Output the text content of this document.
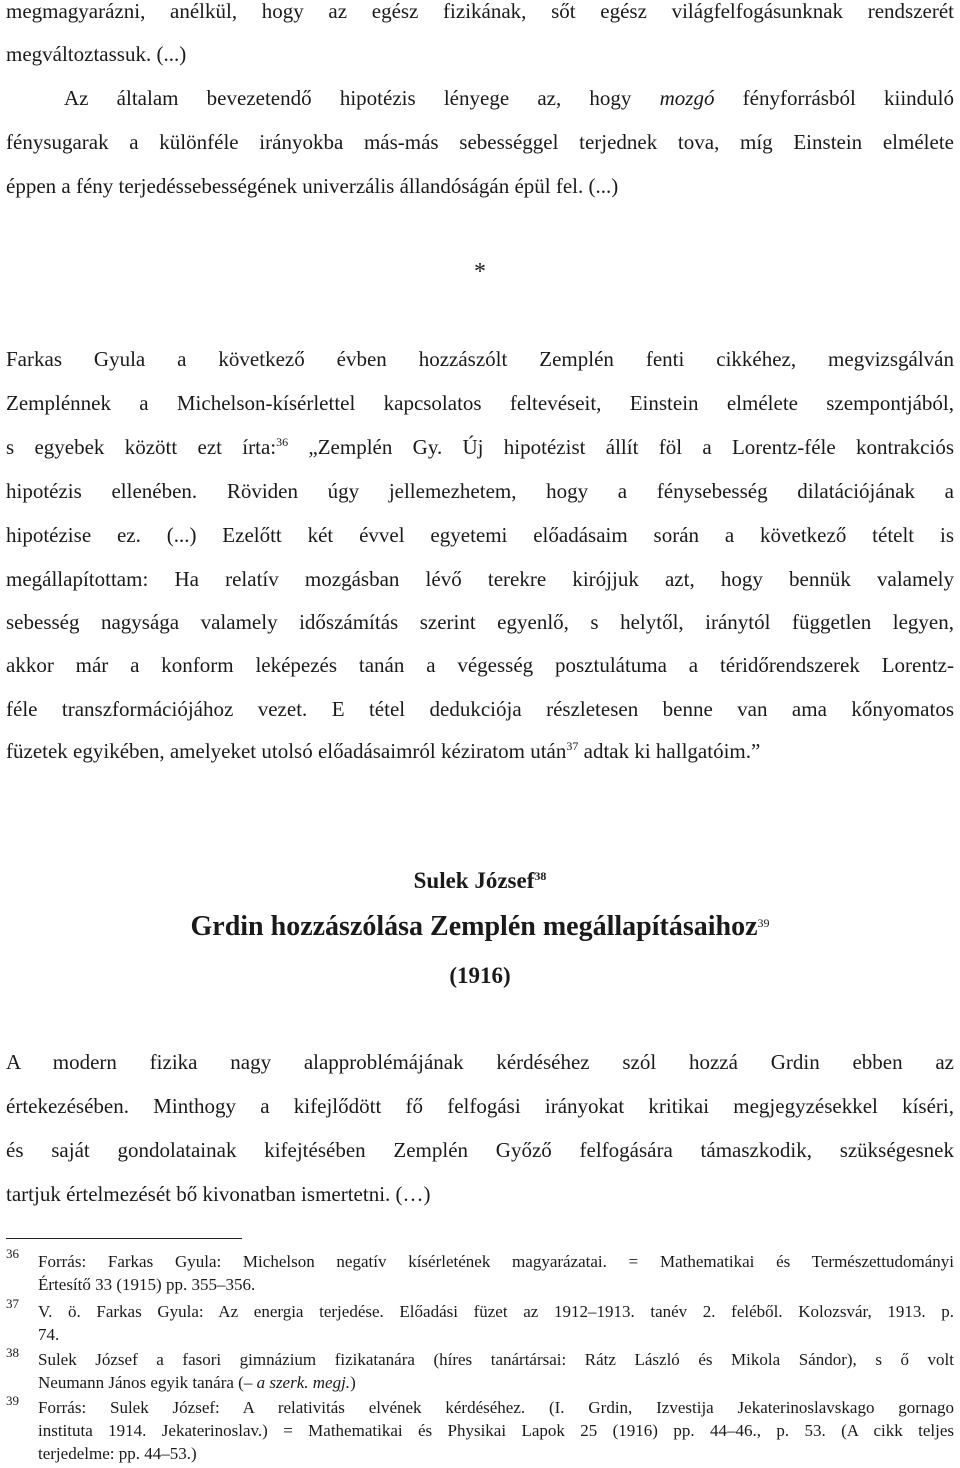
megmagyarázni, anélkül, hogy az egész fizikának, sőt egész világfelfogásunknak rendszerét
megváltoztassuk. (...)
Az általam bevezetendő hipotézis lényege az, hogy mozgó fényforrásból kiinduló
fénysugarak a különféle irányokba más-más sebességgel terjednek tova, míg Einstein elmélete
éppen a fény terjedéssebességének univerzális állandóságán épül fel. (...)
*
Farkas Gyula a következő évben hozzászólt Zemplén fenti cikkéhez, megvizsgálván
Zemplénnek a Michelson-kísérlettel kapcsolatos feltevéseit, Einstein elmélete szempontjából,
s egyebek között ezt írta:$^{36}$ „Zemplén Gy. Új hipotézist állít föl a Lorentz-féle kontrakciós
hipotézis ellenében. Röviden úgy jellemezhetem, hogy a fénysebesség dilatációjának a
hipotézise ez. (...) Ezelőtt két évvel egyetemi előadásaim során a következő tételt is
megállapítottam: Ha relatív mozgásban lévő terekre kirójjuk azt, hogy bennük valamely
sebesség nagysága valamely időszámítás szerint egyenlő, s helytől, iránytól független legyen,
akkor már a konform leképezés tanán a végesség posztulátuma a téridőrendszerek Lorentz-
féle transzformációjához vezet. E tétel dedukciója részletesen benne van ama kőnyomatos
füzetek egyikében, amelyeket utolsó előadásaimról kéziratom után$^{37}$ adtak ki hallgatóim.”
Sulek József$^{38}$
Grdin hozzászólása Zemplén megállapításaihoz$^{39}$
(1916)
A modern fizika nagy alapproblémájának kérdéséhez szól hozzá Grdin ebben az
értekezésében. Minthogy a kifejlődött fő felfogási irányokat kritikai megjegyzésekkel kíséri,
és saját gondolatainak kifejtésében Zemplén Győző felfogására támaszkodik, szükségesnek
tartjuk értelmezését bő kivonatban ismertetni. (…)
36 Forrás: Farkas Gyula: Michelson negatív kísérletének magyarázatai. = Mathematikai és Természettudományi
Értesítő 33 (1915) pp. 355–356.
37 V. ö. Farkas Gyula: Az energia terjedése. Előadási füzet az 1912–1913. tanév 2. feléből. Kolozsvár, 1913. p.
74.
38 Sulek József a fasori gimnázium fizikatanára (híres tanártársai: Rátz László és Mikola Sándor), s ő volt
Neumann János egyik tanára (– a szerk. megj.)
39 Forrás: Sulek József: A relativitás elvének kérdéséhez. (I. Grdin, Izvestija Jekaterinoslavskago gornago
instituta 1914. Jekaterinoslav.) = Mathematikai és Physikai Lapok 25 (1916) pp. 44–46., p. 53. (A cikk teljes
terjedelme: pp. 44–53.)
